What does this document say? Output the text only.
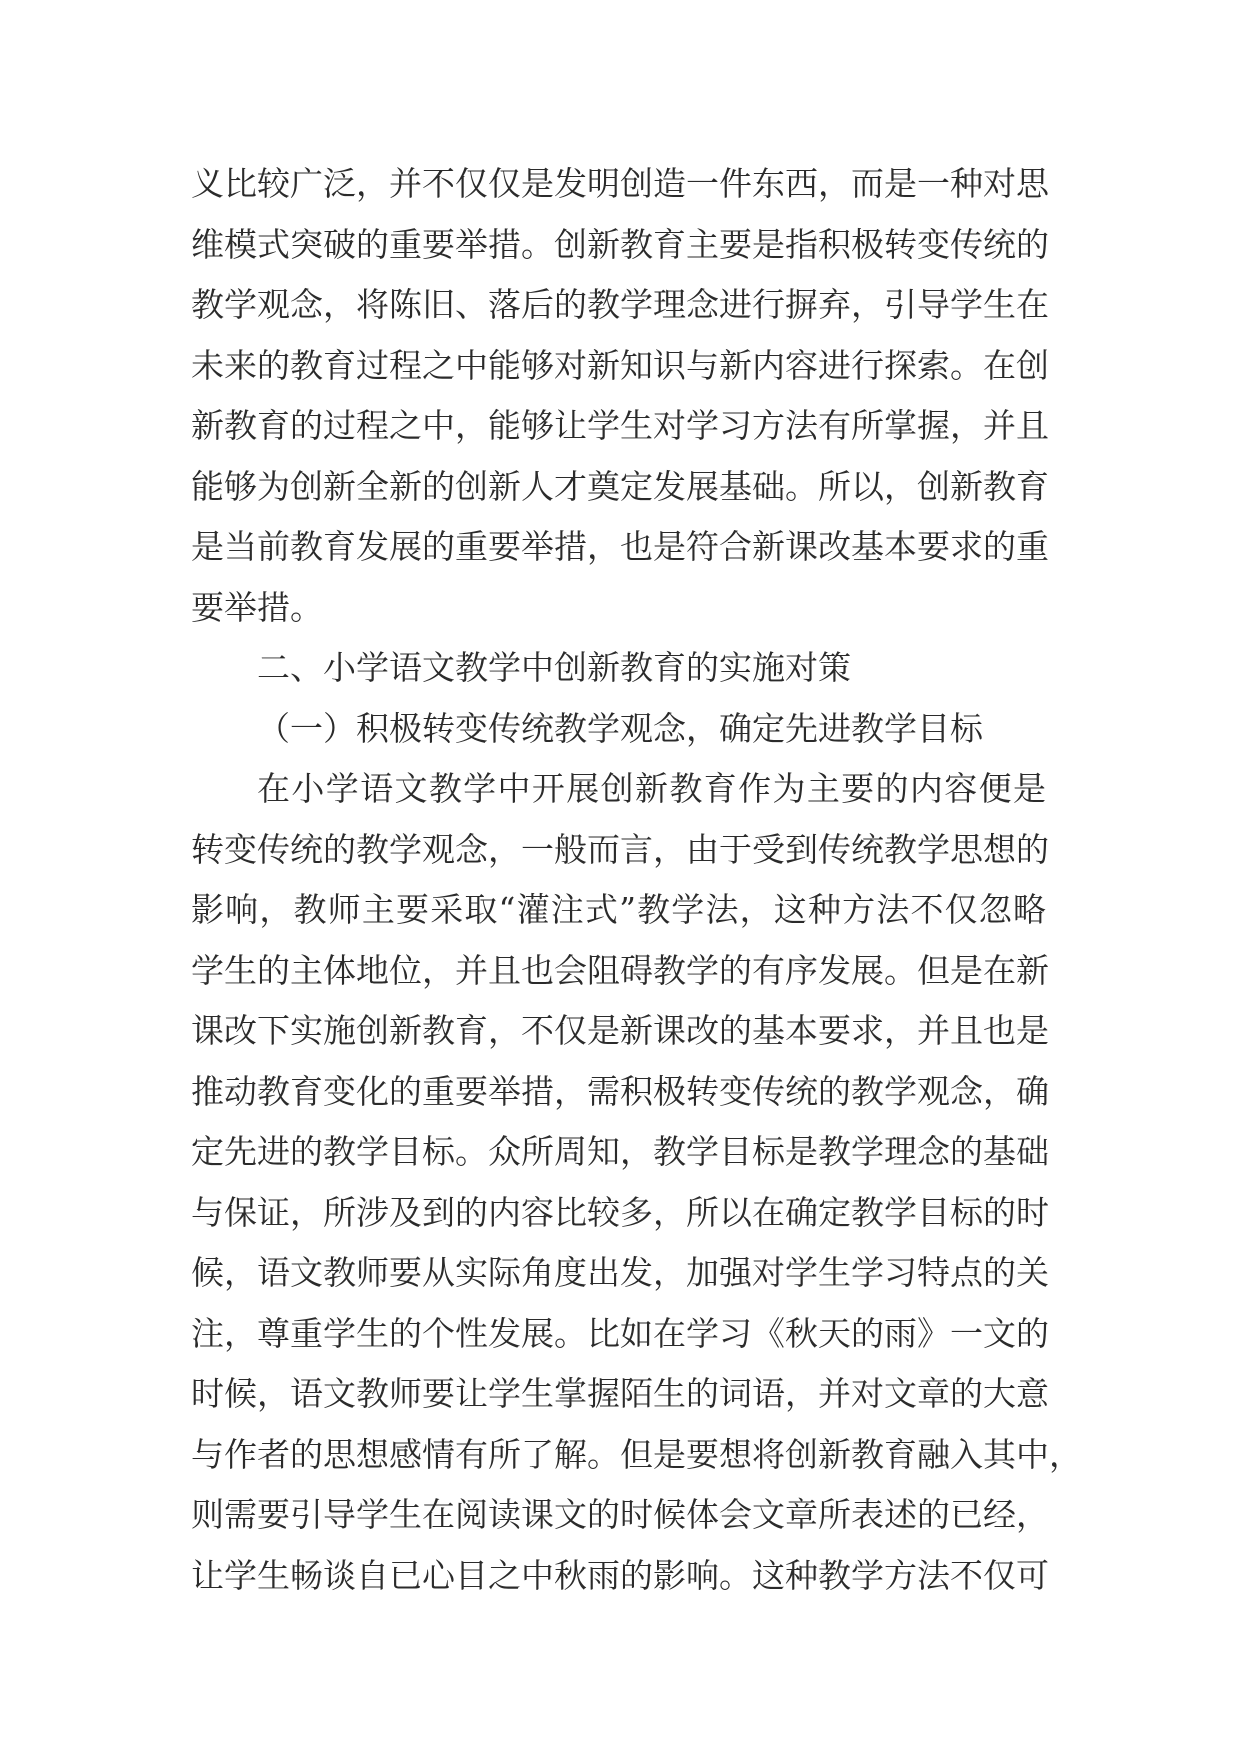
义比较广泛，并不仅仅是发明创造一件东西，而是一种对思
维模式突破的重要举措。创新教育主要是指积极转变传统的
教学观念，将陈旧、落后的教学理念进行摒弃，引导学生在
未来的教育过程之中能够对新知识与新内容进行探索。在创
新教育的过程之中，能够让学生对学习方法有所掌握，并且
能够为创新全新的创新人才奠定发展基础。所以，创新教育
是当前教育发展的重要举措，也是符合新课改基本要求的重
要举措。
二、小学语文教学中创新教育的实施对策
（一）积极转变传统教学观念，确定先进教学目标
在小学语文教学中开展创新教育作为主要的内容便是
转变传统的教学观念，一般而言，由于受到传统教学思想的
影响，教师主要采取“灌注式”教学法，这种方法不仅忽略
学生的主体地位，并且也会阻碍教学的有序发展。但是在新
课改下实施创新教育，不仅是新课改的基本要求，并且也是
推动教育变化的重要举措，需积极转变传统的教学观念，确
定先进的教学目标。众所周知，教学目标是教学理念的基础
与保证，所涉及到的内容比较多，所以在确定教学目标的时
候，语文教师要从实际角度出发，加强对学生学习特点的关
注，尊重学生的个性发展。比如在学习《秋天的雨》一文的
时候，语文教师要让学生掌握陌生的词语，并对文章的大意
与作者的思想感情有所了解。但是要想将创新教育融入其中，
则需要引导学生在阅读课文的时候体会文章所表述的已经，
让学生畅谈自已心目之中秋雨的影响。这种教学方法不仅可
